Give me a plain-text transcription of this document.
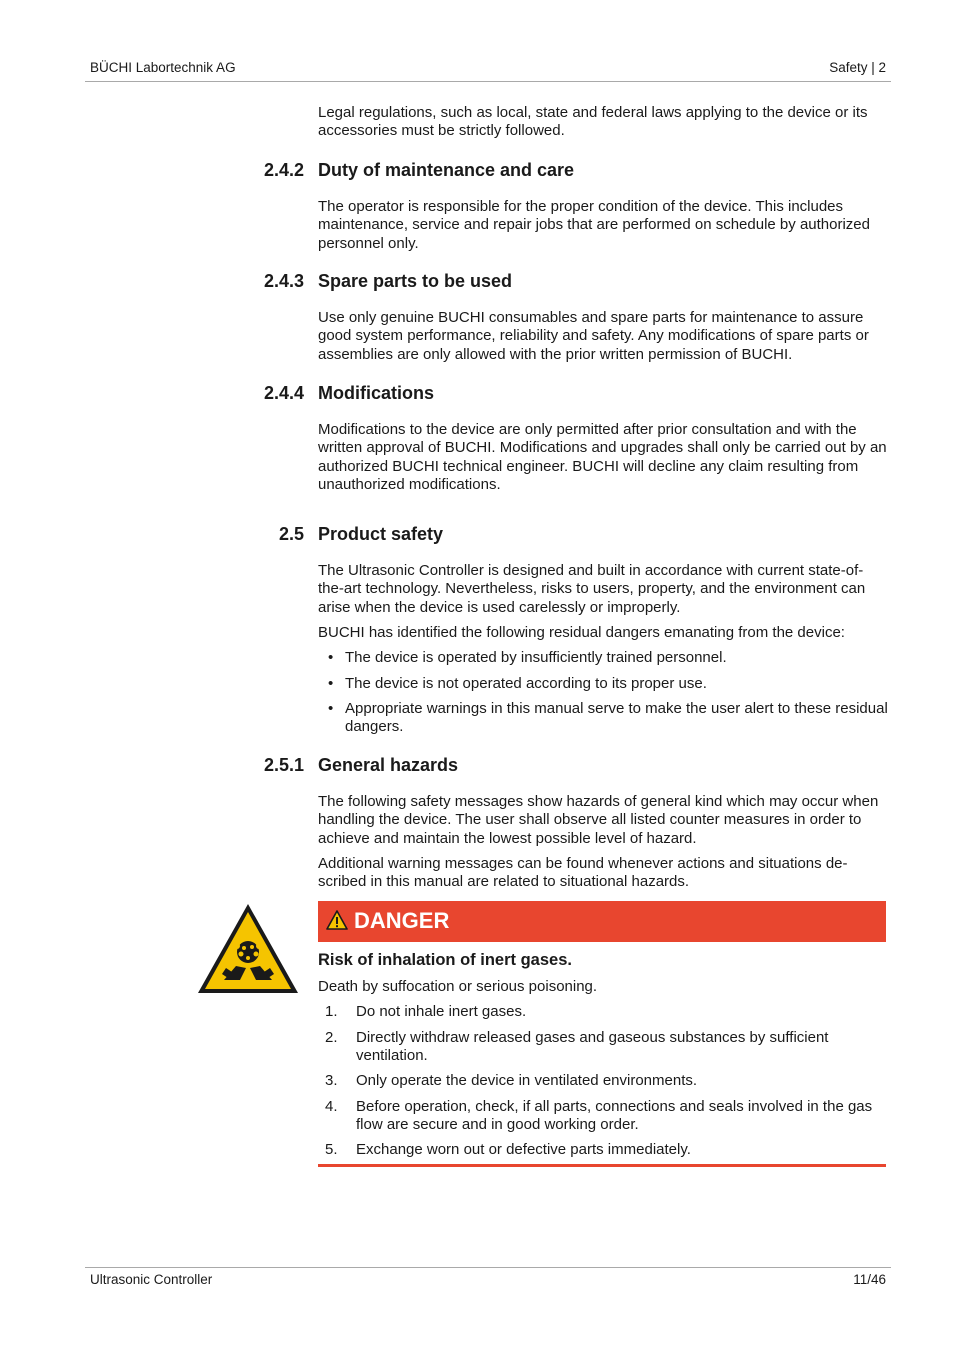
BÜCHI Labortechnik AG	Safety | 2

Legal regulations, such as local, state and federal laws applying to the device or its accessories must be strictly followed.

2.4.2 Duty of maintenance and care

The operator is responsible for the proper condition of the device. This includes maintenance, service and repair jobs that are performed on schedule by authorized personnel only.

2.4.3 Spare parts to be used

Use only genuine BUCHI consumables and spare parts for maintenance to assure good system performance, reliability and safety. Any modifications of spare parts or assemblies are only allowed with the prior written permission of BUCHI.

2.4.4 Modifications

Modifications to the device are only permitted after prior consultation and with the written approval of BUCHI. Modifications and upgrades shall only be carried out by an authorized BUCHI technical engineer. BUCHI will decline any claim resulting from unauthorized modifications.

2.5 Product safety

The Ultrasonic Controller is designed and built in accordance with current state-of-the-art technology. Nevertheless, risks to users, property, and the environment can arise when the device is used carelessly or improperly.

BUCHI has identified the following residual dangers emanating from the device:

• The device is operated by insufficiently trained personnel.
• The device is not operated according to its proper use.
• Appropriate warnings in this manual serve to make the user alert to these residual dangers.
2.5.1 General hazards

The following safety messages show hazards of general kind which may occur when handling the device. The user shall observe all listed counter measures in order to achieve and maintain the lowest possible level of hazard.

Additional warning messages can be found whenever actions and situations described in this manual are related to situational hazards.

DANGER
Risk of inhalation of inert gases.

Death by suffocation or serious poisoning.

1. Do not inhale inert gases.
2. Directly withdraw released gases and gaseous substances by sufficient ventilation.
3. Only operate the device in ventilated environments.
4. Before operation, check, if all parts, connections and seals involved in the gas flow are secure and in good working order.
5. Exchange worn out or defective parts immediately.
Ultrasonic Controller	11/46
